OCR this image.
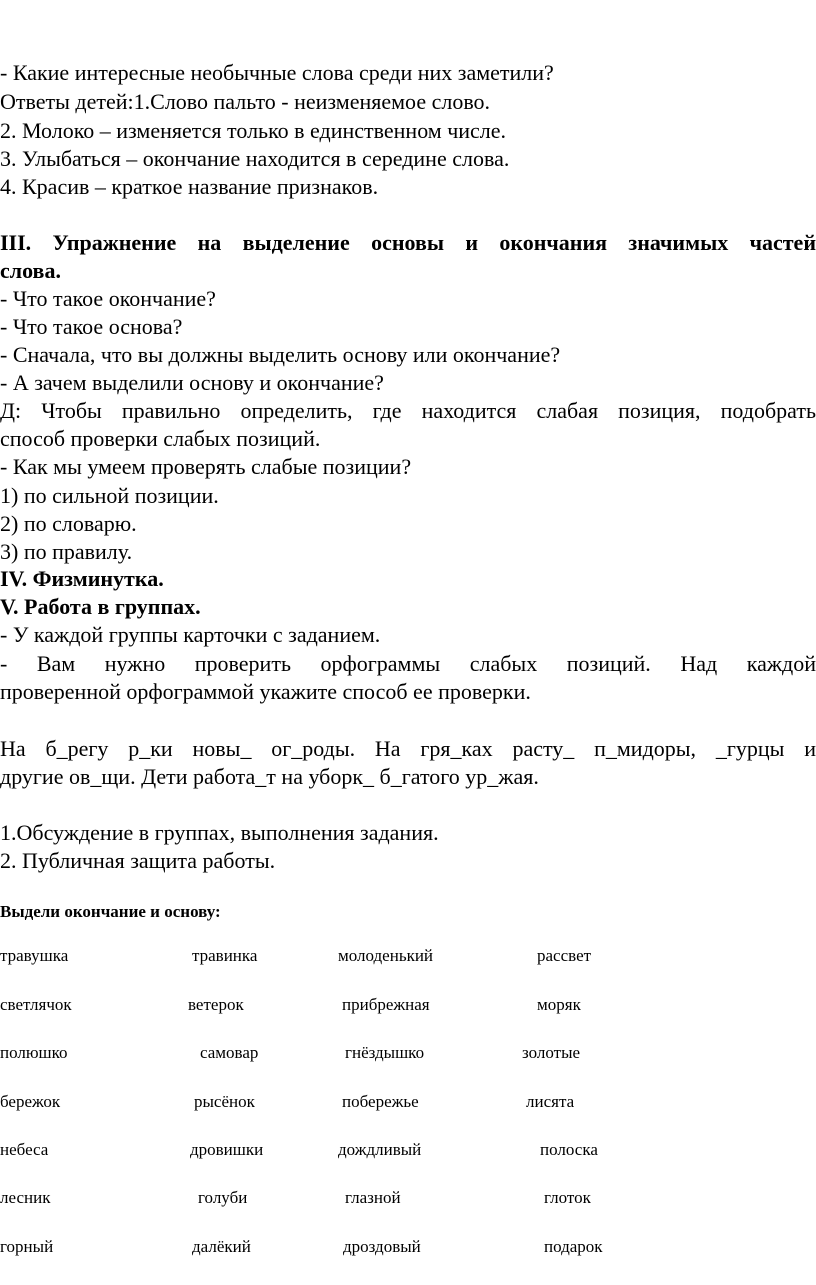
- Какие интересные необычные слова среди них заметили?
Ответы детей:1.Слово пальто - неизменяемое слово.
2. Молоко – изменяется только в единственном числе.
3. Улыбаться – окончание находится в середине слова.
4. Красив – краткое название признаков.
III. Упражнение на выделение основы и окончания значимых частей
слова.
- Что такое окончание?
- Что такое основа?
- Сначала, что вы должны выделить основу или окончание?
- А зачем выделили основу и окончание?
Д: Чтобы правильно определить, где находится слабая позиция, подобрать
способ проверки слабых позиций.
- Как мы умеем проверять слабые позиции?
1) по сильной позиции.
2) по словарю.
3) по правилу.
IV. Физминутка.
V. Работа в группах.
- У каждой группы карточки с заданием.
- Вам нужно проверить орфограммы слабых позиций. Над каждой
проверенной орфограммой укажите способ ее проверки.
На б_регу р_ки новы_ ог_роды. На гря_ках расту_ п_мидоры, _гурцы и
другие ов_щи. Дети работа_т на уборк_ б_гатого ур_жая.
1.Обсуждение в группах, выполнения задания.
2. Публичная защита работы.
Выдели окончание и основу:
травушка	травинка	молоденький	рассвет
светлячок	ветерок	прибрежная	моряк
полюшко	самовар	гнёздышко	золотые
бережок	рысёнок	побережье	лисята
небеса	дровишки	дождливый	полоска
лесник	голуби	глазной	глоток
горный	далёкий	дроздовый	подарок
